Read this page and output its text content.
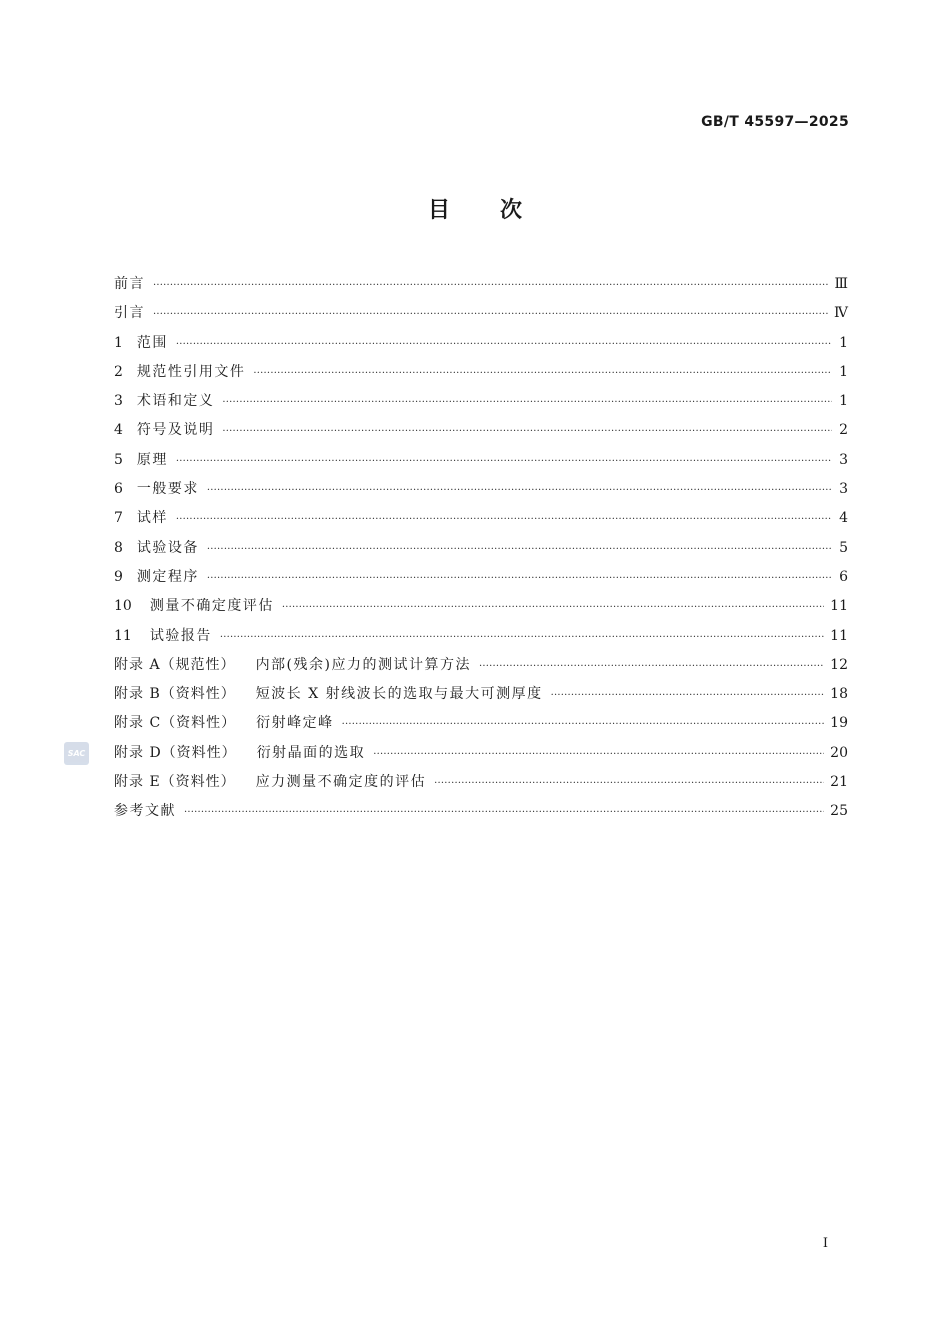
GB/T 45597—2025
目次
前言 ·····	Ⅲ
引言 ·····	Ⅳ
1 范围 ·····	1
2 规范性引用文件 ·····	1
3 术语和定义 ·····	1
4 符号及说明 ·····	2
5 原理 ·····	3
6 一般要求 ·····	3
7 试样 ·····	4
8 试验设备 ·····	5
9 测定程序 ·····	6
10 测量不确定度评估 ·····	11
11 试验报告 ·····	11
附录 A（规范性） 内部(残余)应力的测试计算方法 ·····	12
附录 B（资料性） 短波长 X 射线波长的选取与最大可测厚度 ·····	18
附录 C（资料性） 衍射峰定峰 ·····	19
附录 D（资料性） 衍射晶面的选取 ·····	20
附录 E（资料性） 应力测量不确定度的评估 ·····	21
参考文献 ·····	25
SAC
Ⅰ
